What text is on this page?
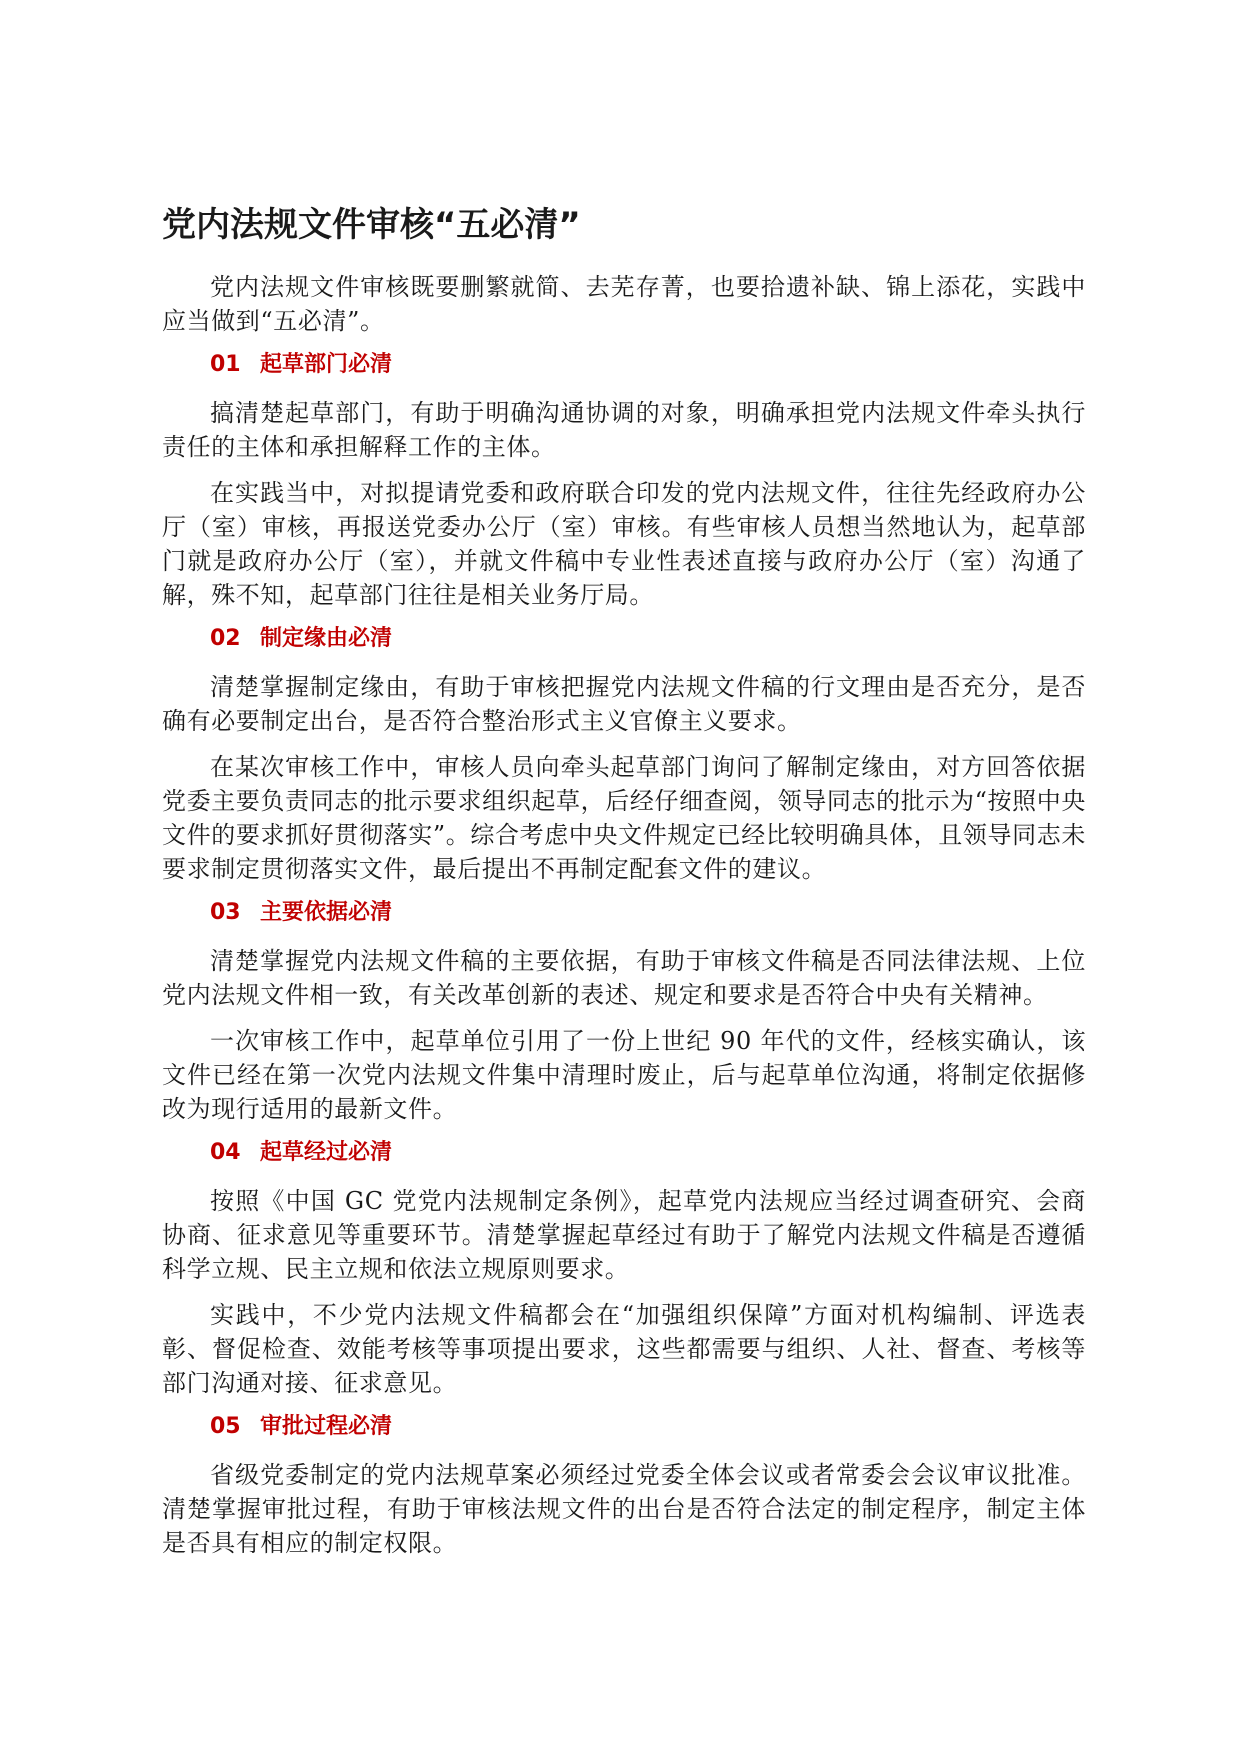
党内法规文件审核“五必清”

党内法规文件审核既要删繁就简、去芜存菁，也要拾遗补缺、锦上添花，实践中应当做到“五必清”。

01 起草部门必清

搞清楚起草部门，有助于明确沟通协调的对象，明确承担党内法规文件牵头执行责任的主体和承担解释工作的主体。

在实践当中，对拟提请党委和政府联合印发的党内法规文件，往往先经政府办公厅（室）审核，再报送党委办公厅（室）审核。有些审核人员想当然地认为，起草部门就是政府办公厅（室），并就文件稿中专业性表述直接与政府办公厅（室）沟通了解，殊不知，起草部门往往是相关业务厅局。

02 制定缘由必清

清楚掌握制定缘由，有助于审核把握党内法规文件稿的行文理由是否充分，是否确有必要制定出台，是否符合整治形式主义官僚主义要求。

在某次审核工作中，审核人员向牵头起草部门询问了解制定缘由，对方回答依据党委主要负责同志的批示要求组织起草，后经仔细查阅，领导同志的批示为“按照中央文件的要求抓好贯彻落实”。综合考虑中央文件规定已经比较明确具体，且领导同志未要求制定贯彻落实文件，最后提出不再制定配套文件的建议。

03 主要依据必清

清楚掌握党内法规文件稿的主要依据，有助于审核文件稿是否同法律法规、上位党内法规文件相一致，有关改革创新的表述、规定和要求是否符合中央有关精神。

一次审核工作中，起草单位引用了一份上世纪 90 年代的文件，经核实确认，该文件已经在第一次党内法规文件集中清理时废止，后与起草单位沟通，将制定依据修改为现行适用的最新文件。

04 起草经过必清

按照《中国 GC 党党内法规制定条例》，起草党内法规应当经过调查研究、会商协商、征求意见等重要环节。清楚掌握起草经过有助于了解党内法规文件稿是否遵循科学立规、民主立规和依法立规原则要求。

实践中，不少党内法规文件稿都会在“加强组织保障”方面对机构编制、评选表彰、督促检查、效能考核等事项提出要求，这些都需要与组织、人社、督查、考核等部门沟通对接、征求意见。

05 审批过程必清

省级党委制定的党内法规草案必须经过党委全体会议或者常委会会议审议批准。清楚掌握审批过程，有助于审核法规文件的出台是否符合法定的制定程序，制定主体是否具有相应的制定权限。
